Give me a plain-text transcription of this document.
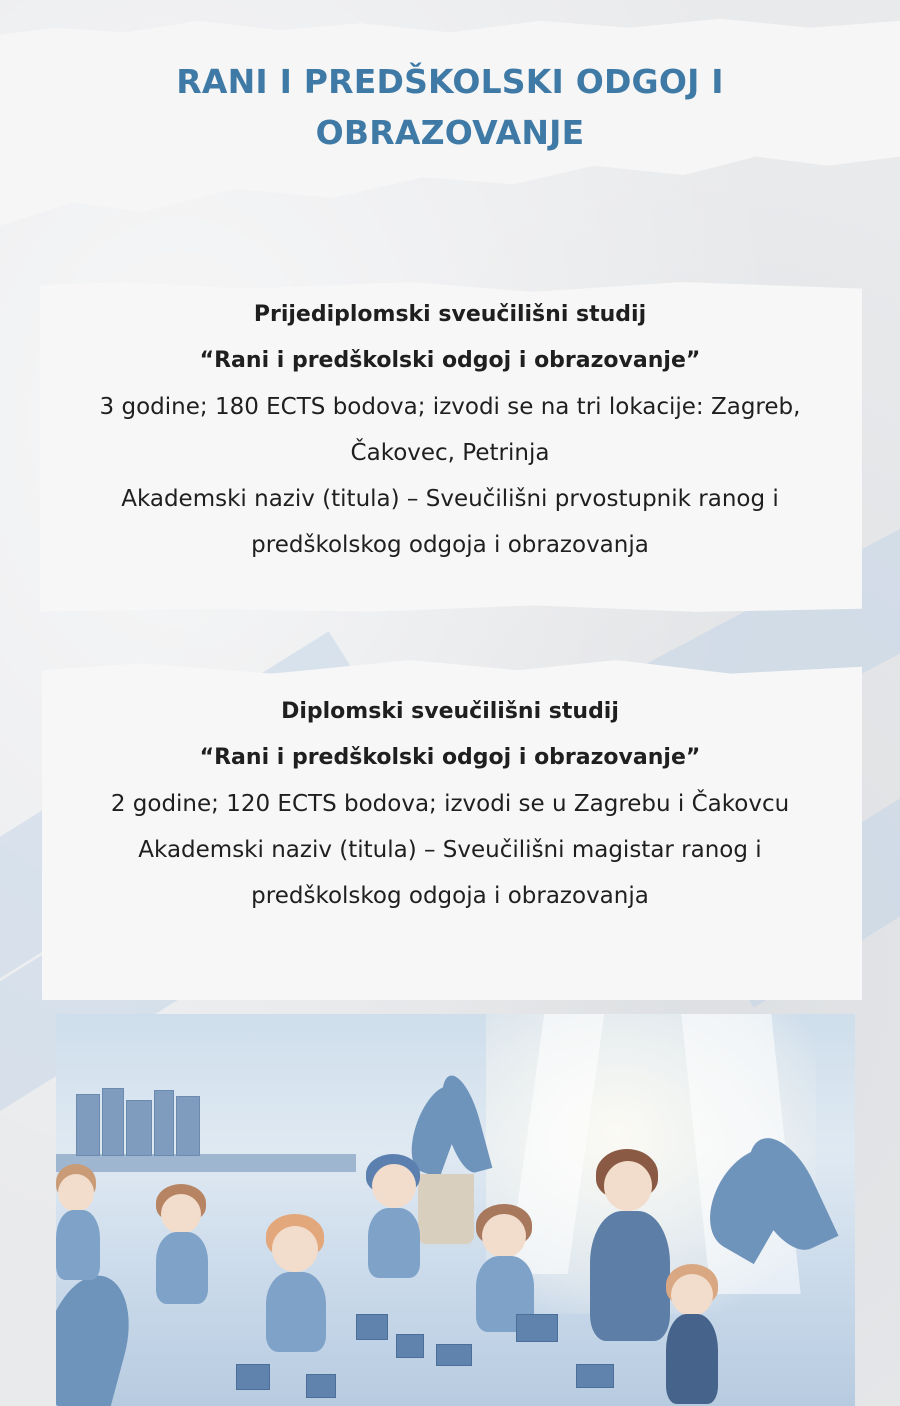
RANI I PREDŠKOLSKI ODGOJ I
OBRAZOVANJE
Prijediplomski sveučilišni studij
“Rani i predškolski odgoj i obrazovanje”
3 godine; 180 ECTS bodova; izvodi se na tri lokacije: Zagreb,
Čakovec, Petrinja
Akademski naziv (titula) – Sveučilišni prvostupnik ranog i
predškolskog odgoja i obrazovanja
Diplomski sveučilišni studij
“Rani i predškolski odgoj i obrazovanje”
2 godine; 120 ECTS bodova; izvodi se u Zagrebu i Čakovcu
Akademski naziv (titula) – Sveučilišni magistar ranog i
predškolskog odgoja i obrazovanja
